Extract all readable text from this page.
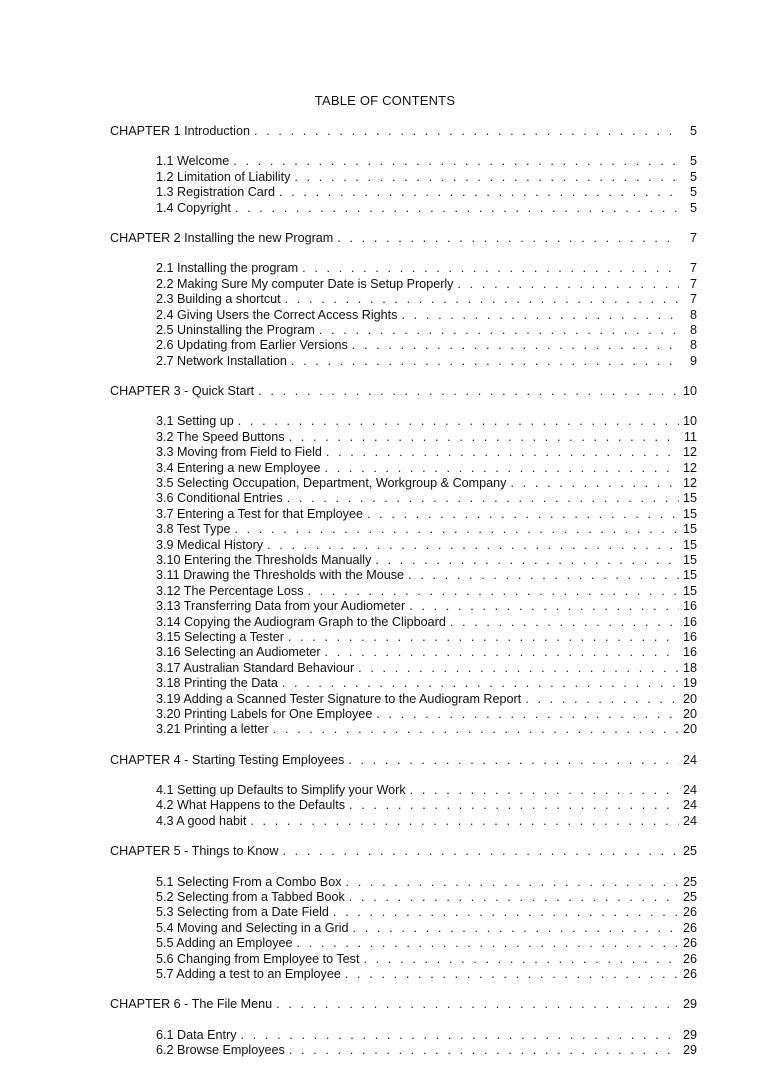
TABLE OF CONTENTS
CHAPTER 1 Introduction . . .	5
1.1 Welcome . . .	5
1.2 Limitation of Liability . . .	5
1.3 Registration Card . . .	5
1.4 Copyright . . .	5
CHAPTER 2 Installing the new Program . . .	7
2.1 Installing the program . . .	7
2.2 Making Sure My computer Date is Setup Properly . . .	7
2.3 Building a shortcut . . .	7
2.4 Giving Users the Correct Access Rights . . .	8
2.5 Uninstalling the Program . . .	8
2.6 Updating from Earlier Versions . . .	8
2.7 Network Installation . . .	9
CHAPTER 3 - Quick Start . . .	10
3.1 Setting up . . .	10
3.2 The Speed Buttons . . .	11
3.3 Moving from Field to Field . . .	12
3.4 Entering a new Employee . . .	12
3.5 Selecting Occupation, Department, Workgroup & Company . . .	12
3.6 Conditional Entries . . .	15
3.7 Entering a Test for that Employee . . .	15
3.8 Test Type . . .	15
3.9 Medical History . . .	15
3.10 Entering the Thresholds Manually . . .	15
3.11 Drawing the Thresholds with the Mouse . . .	15
3.12 The Percentage Loss . . .	15
3.13 Transferring Data from your Audiometer . . .	16
3.14 Copying the Audiogram Graph to the Clipboard . . .	16
3.15 Selecting a Tester . . .	16
3.16 Selecting an Audiometer . . .	16
3.17 Australian Standard Behaviour . . .	18
3.18 Printing the Data . . .	19
3.19 Adding a Scanned Tester Signature to the Audiogram Report . . .	20
3.20 Printing Labels for One Employee . . .	20
3.21 Printing a letter . . .	20
CHAPTER 4 - Starting Testing Employees . . .	24
4.1 Setting up Defaults to Simplify your Work . . .	24
4.2 What Happens to the Defaults . . .	24
4.3 A good habit . . .	24
CHAPTER 5 - Things to Know . . .	25
5.1 Selecting From a Combo Box . . .	25
5.2 Selecting from a Tabbed Book . . .	25
5.3 Selecting from a Date Field . . .	26
5.4 Moving and Selecting in a Grid . . .	26
5.5 Adding an Employee . . .	26
5.6 Changing from Employee to Test . . .	26
5.7 Adding a test to an Employee . . .	26
CHAPTER 6 - The File Menu . . .	29
6.1 Data Entry . . .	29
6.2 Browse Employees . . .	29
